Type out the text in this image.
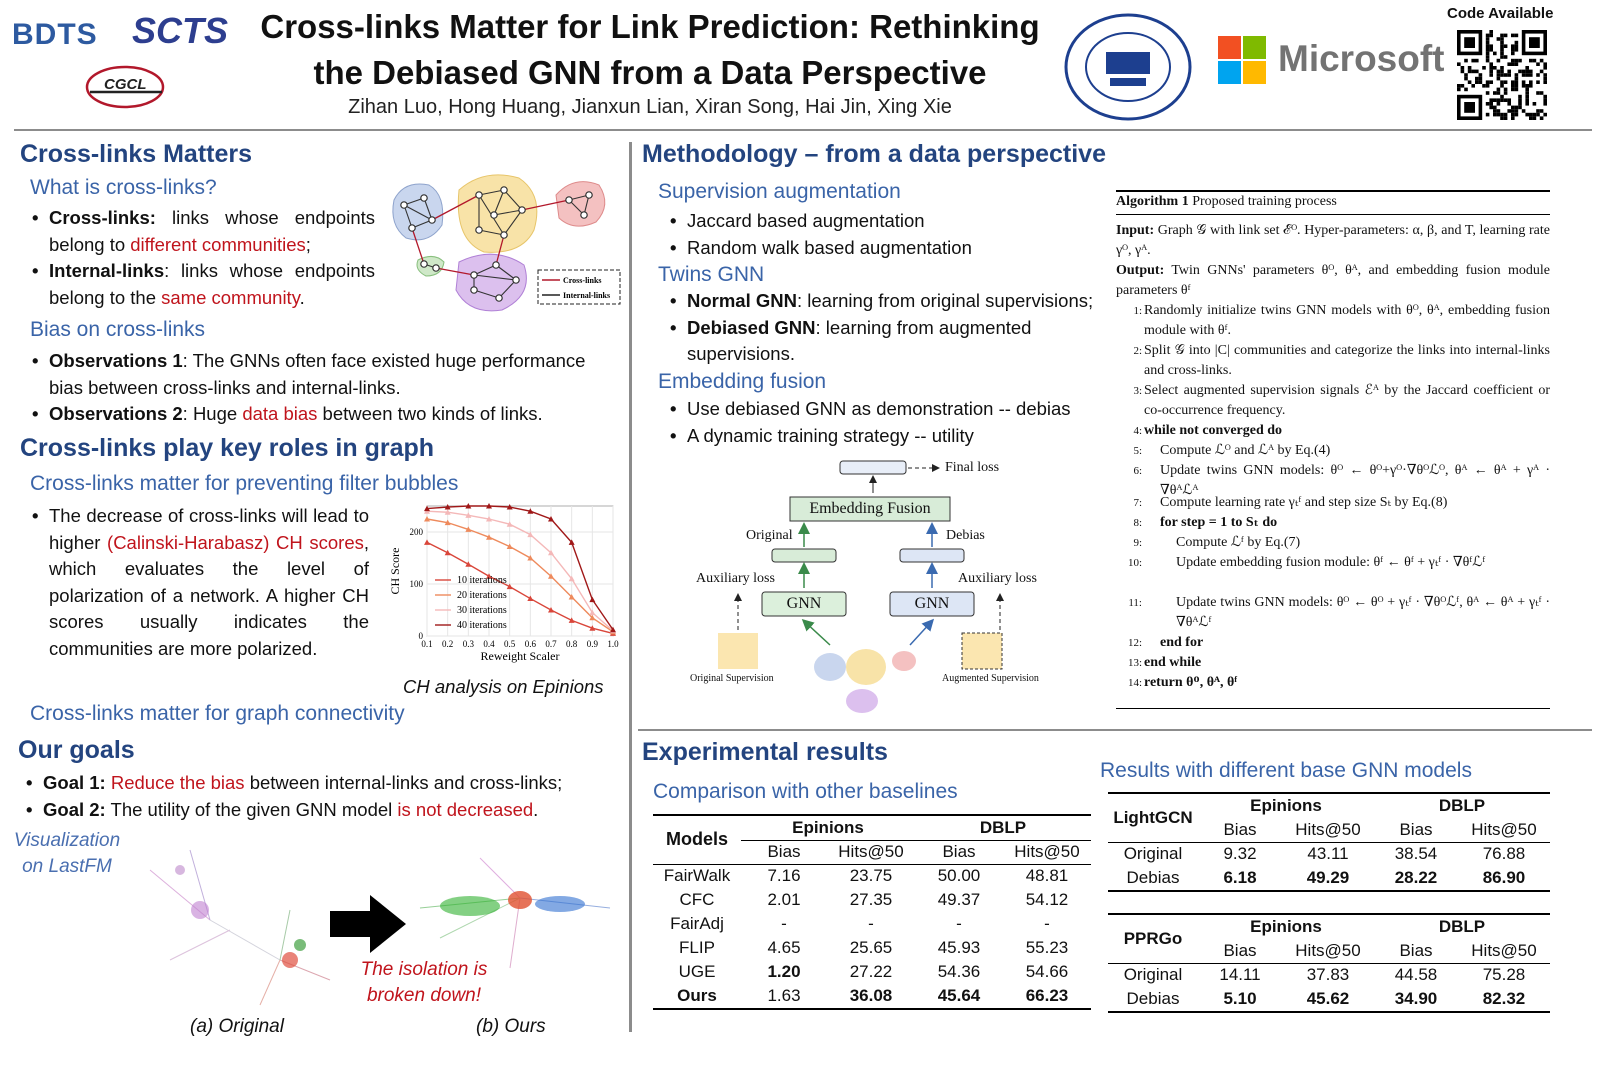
BDTS SCTS
CGCL
Cross-links Matter for Link Prediction: Rethinking
the Debiased GNN from a Data Perspective
Zihan Luo, Hong Huang, Jianxun Lian, Xiran Song, Hai Jin, Xing Xie
Microsoft
Code Available
Cross-links Matters
What is cross-links?
• Cross-links: links whose endpoints belong to different communities;
• Internal-links: links whose endpoints belong to the same community.
Cross-links
Internal-links
Bias on cross-links
• Observations 1: The GNNs often face existed huge performance bias between cross-links and internal-links.
• Observations 2: Huge data bias between two kinds of links.
Cross-links play key roles in graph
Cross-links matter for preventing filter bubbles
• The decrease of cross-links will lead to higher (Calinski-Harabasz) CH scores, which evaluates the level of polarization of a network. A higher CH scores usually indicates the communities are more polarized.	0.1 0.2 0.3 0.4 0.5 0.6 0.7 0.8 0.9 1.0
0
100
200
Reweight Scaler
CH Score	10 iterations
20 iterations
30 iterations
40 iterations
CH analysis on Epinions
Cross-links matter for graph connectivity
Our goals
• Goal 1: Reduce the bias between internal-links and cross-links;
• Goal 2: The utility of the given GNN model is not decreased.
Visualization
on LastFM
The isolation is
broken down!
(a) Original	(b) Ours
Methodology – from a data perspective
Supervision augmentation
• Jaccard based augmentation
• Random walk based augmentation
Twins GNN
• Normal GNN: learning from original supervisions;
• Debiased GNN: learning from augmented supervisions.
Embedding fusion
• Use debiased GNN as demonstration -- debias
• A dynamic training strategy -- utility
Final loss
Embedding Fusion
Original	Debias
Auxiliary loss	Auxiliary loss
GNN	GNN
Original Supervision	Augmented Supervision
Algorithm 1 Proposed training process
Input: Graph 𝒢 with link set ℰᴼ. Hyper-parameters: α, β, and T, learning rate γᴼ, γᴬ.
Output: Twin GNNs' parameters θᴼ, θᴬ, and embedding fusion module parameters θᶠ
1: Randomly initialize twins GNN models with θᴼ, θᴬ, embedding fusion module with θᶠ.
2: Split 𝒢 into |C| communities and categorize the links into internal-links and cross-links.
3: Select augmented supervision signals ℰᴬ by the Jaccard coefficient or co-occurrence frequency.
4: while not converged do
5: Compute ℒᴼ and ℒᴬ by Eq.(4)
6: Update twins GNN models: θᴼ ← θᴼ+γᴼ·∇θᴼℒᴼ, θᴬ ← θᴬ + γᴬ · ∇θᴬℒᴬ
7: Compute learning rate γₜᶠ and step size Sₜ by Eq.(8)
8: for step = 1 to Sₜ do
9: Compute ℒᶠ by Eq.(7)
10: Update embedding fusion module: θᶠ ← θᶠ + γₜᶠ · ∇θᶠℒᶠ
11: Update twins GNN models: θᴼ ← θᴼ + γₜᶠ · ∇θᴼℒᶠ, θᴬ ← θᴬ + γₜᶠ · ∇θᴬℒᶠ
12: end for
13: end while
14: return θᴼ, θᴬ, θᶠ
Experimental results
Comparison with other baselines
Results with different base GNN models
Models	Epinions		DBLP	
	Bias	Hits@50	Bias	Hits@50
FairWalk	7.16	23.75	50.00	48.81
CFC	2.01	27.35	49.37	54.12
FairAdj	-	-	-	-
FLIP	4.65	25.65	45.93	55.23
UGE	1.20	27.22	54.36	54.66
Ours	1.63	36.08	45.64	66.23
LightGCN	Epinions		DBLP	
	Bias	Hits@50	Bias	Hits@50
Original	9.32	43.11	38.54	76.88
Debias	6.18	49.29	28.22	86.90
PPRGo	Epinions		DBLP	
	Bias	Hits@50	Bias	Hits@50
Original	14.11	37.83	44.58	75.28
Debias	5.10	45.62	34.90	82.32
